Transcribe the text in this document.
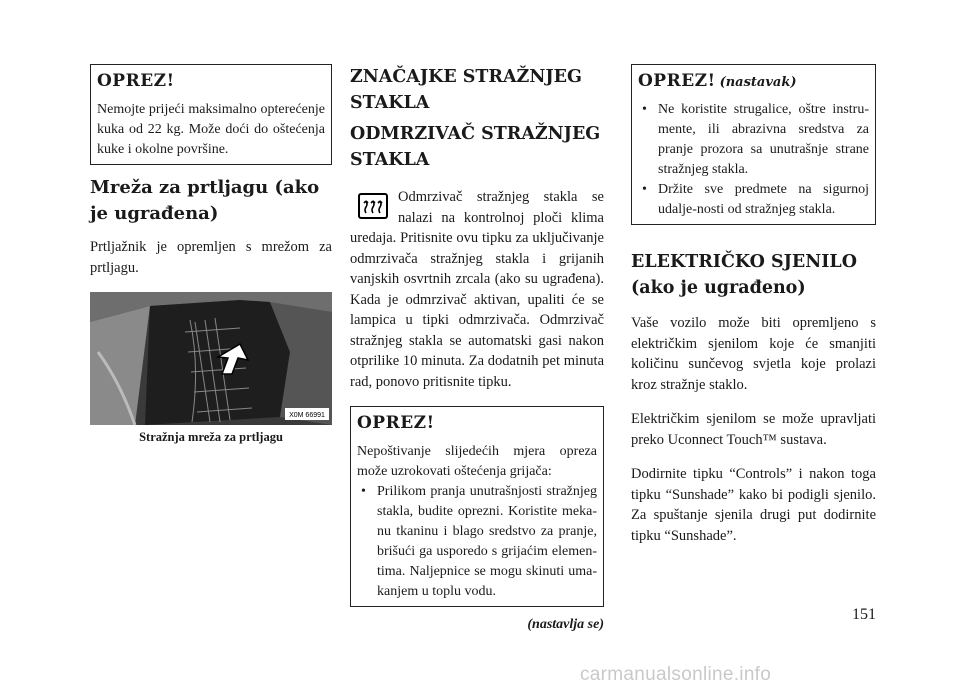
OPREZ!

Nemojte prijeći maksimalno opterećenje kuka od 22 kg. Može doći do oštećenja kuke i okolne površine.

Mreža za prtljagu (ako je ugrađena)

Prtljažnik je opremljen s mrežom za prtljagu.

X0M 66991
Stražnja mreža za prtljagu
ZNAČAJKE STRAŽNJEG STAKLA
ODMRZIVAČ STRAŽNJEG STAKLA

Odmrzivač stražnjeg stakla se nalazi na kontrolnoj ploči klima uredaja. Pritisnite ovu tipku za uključivanje odmrzivača stražnjeg stakla i grijanih vanjskih osvrtnih zrcala (ako su ugrađena). Kada je odmrzivač aktivan, upaliti će se lampica u tipki odmrzivača. Odmrzivač stražnjeg stakla se automatski gasi nakon otprilike 10 minuta. Za dodatnih pet minuta rad, ponovo pritisnite tipku.

OPREZ!

Nepoštivanje slijedećih mjera opreza može uzrokovati oštećenja grijača:

• Prilikom pranja unutrašnjosti stražnjeg stakla, budite oprezni. Koristite meka-nu tkaninu i blago sredstvo za pranje, brišući ga usporedo s grijaćim elemen-tima. Naljepnice se mogu skinuti uma-kanjem u toplu vodu.
(nastavlja se)
OPREZ! (nastavak)
• Ne koristite strugalice, oštre instru-mente, ili abrazivna sredstva za pranje prozora sa unutrašnje strane stražnjeg stakla.
• Držite sve predmete na sigurnoj udalje-nosti od stražnjeg stakla.
ELEKTRIČKO SJENILO (ako je ugrađeno)

Vaše vozilo može biti opremljeno s električkim sjenilom koje će smanjiti količinu sunčevog svjetla koje prolazi kroz stražnje staklo.

Električkim sjenilom se može upravljati preko Uconnect Touch™ sustava.

Dodirnite tipku “Controls” i nakon toga tipku “Sunshade” kako bi podigli sjenilo. Za spuštanje sjenila drugi put dodirnite tipku “Sunshade”.

151
carmanualsonline.info
